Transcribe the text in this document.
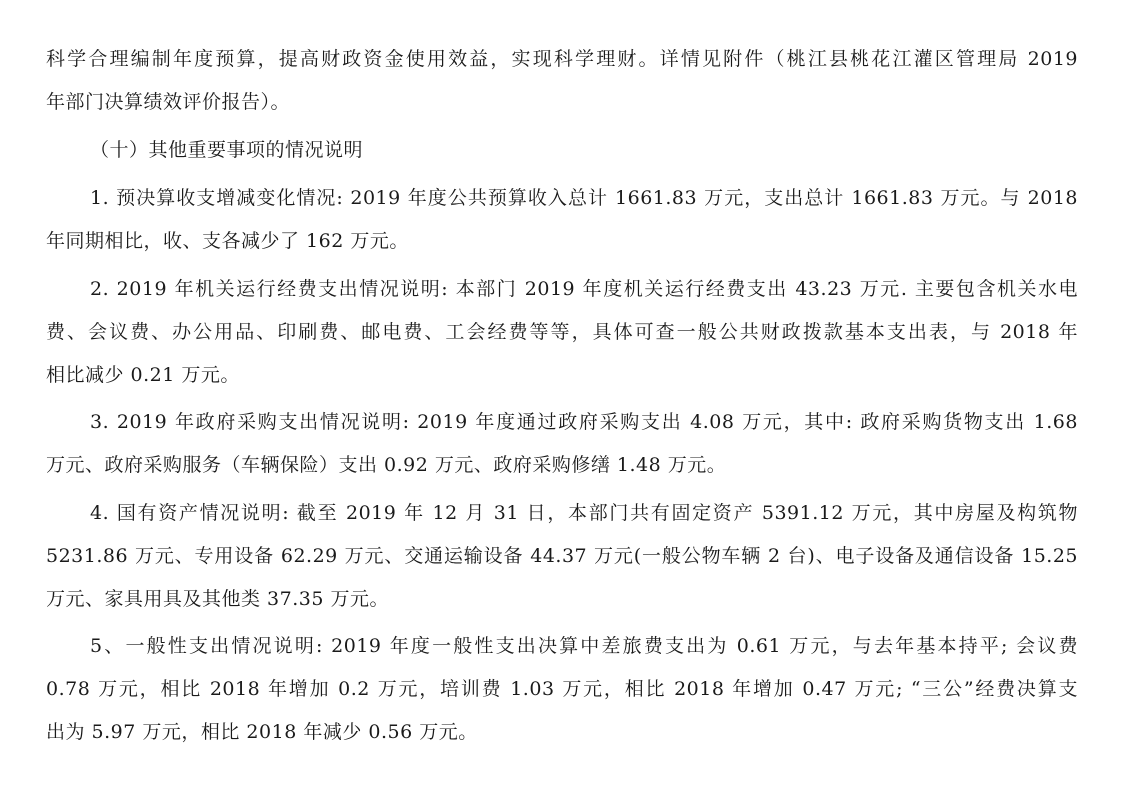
科学合理编制年度预算，提高财政资金使用效益，实现科学理财。详情见附件（桃江县桃花江灌区管理局 2019
年部门决算绩效评价报告）。
（十）其他重要事项的情况说明
1. 预决算收支增减变化情况: 2019 年度公共预算收入总计 1661.83 万元，支出总计 1661.83 万元。与 2018
年同期相比，收、支各减少了 162 万元。
2. 2019 年机关运行经费支出情况说明: 本部门 2019 年度机关运行经费支出 43.23 万元. 主要包含机关水电
费、会议费、办公用品、印刷费、邮电费、工会经费等等，具体可查一般公共财政拨款基本支出表，与 2018 年
相比减少 0.21 万元。
3. 2019 年政府采购支出情况说明: 2019 年度通过政府采购支出 4.08 万元，其中: 政府采购货物支出 1.68
万元、政府采购服务（车辆保险）支出 0.92 万元、政府采购修缮 1.48 万元。
4. 国有资产情况说明: 截至 2019 年 12 月 31 日，本部门共有固定资产 5391.12 万元，其中房屋及构筑物
5231.86 万元、专用设备 62.29 万元、交通运输设备 44.37 万元(一般公物车辆 2 台)、电子设备及通信设备 15.25
万元、家具用具及其他类 37.35 万元。
5、一般性支出情况说明: 2019 年度一般性支出决算中差旅费支出为 0.61 万元，与去年基本持平; 会议费
0.78 万元，相比 2018 年增加 0.2 万元，培训费 1.03 万元，相比 2018 年增加 0.47 万元; “三公”经费决算支
出为 5.97 万元，相比 2018 年减少 0.56 万元。
